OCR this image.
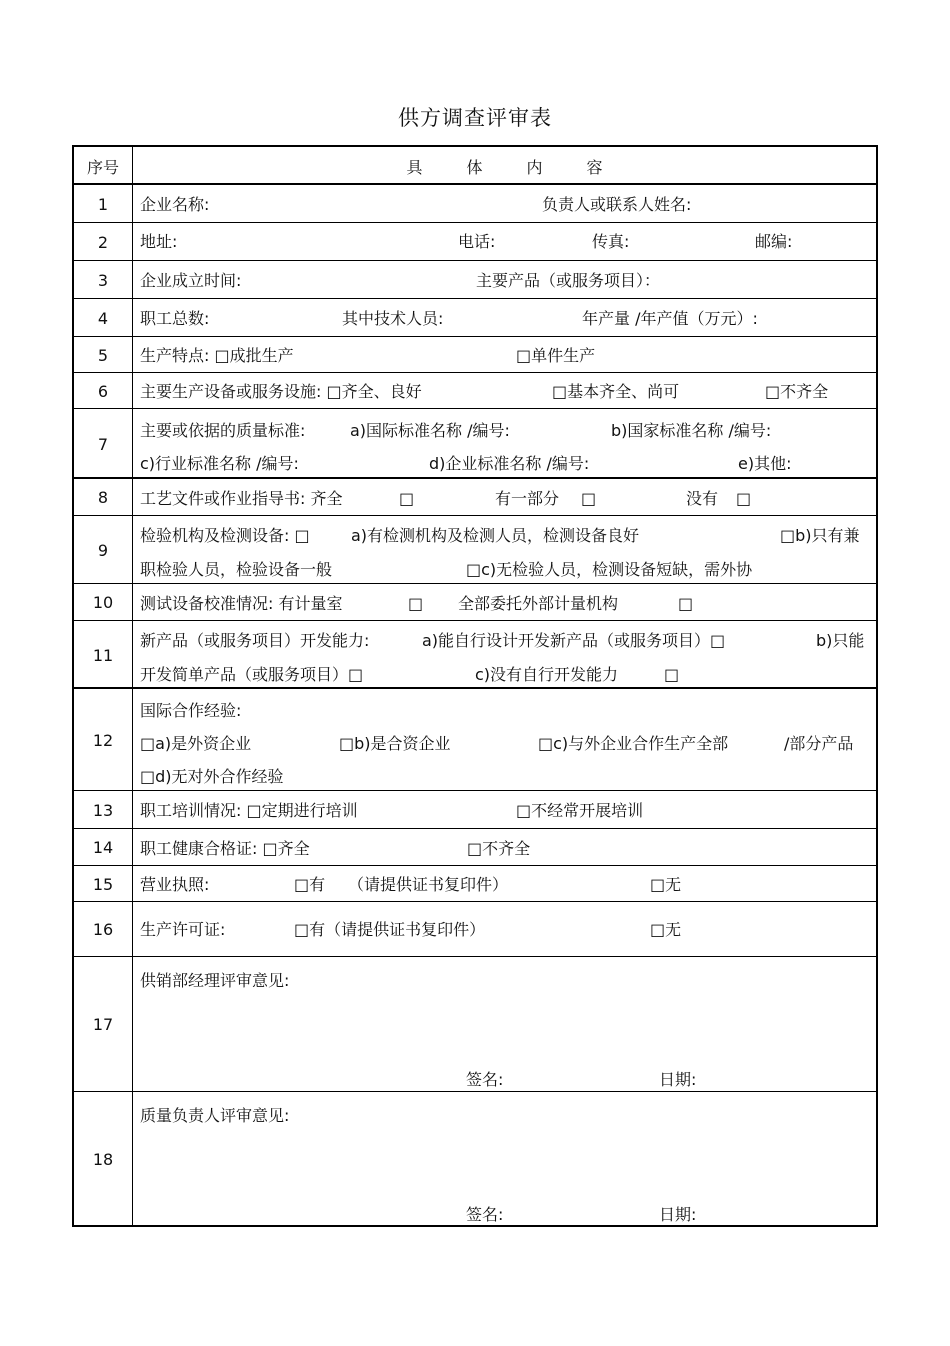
供方调查评审表
序号	具	体	内	容
1	企业名称:	负责人或联系人姓名:
2	地址:	电话:	传真:	邮编:
3	企业成立时间:	主要产品（或服务项目）：
4	职工总数:	其中技术人员:	年产量 /年产值（万元）:
5	生产特点: □成批生产	□单件生产
6	主要生产设备或服务设施: □齐全、良好	□基本齐全、尚可	□不齐全
7
主要或依据的质量标准:	a)国际标准名称 /编号:	b)国家标准名称 /编号:
c)行业标准名称 /编号:	d)企业标准名称 /编号:	e)其他:
8	工艺文件或作业指导书: 齐全	□	有一部分 □	没有 □
9
检验机构及检测设备: □	a)有检测机构及检测人员，检测设备良好	□b)只有兼
职检验人员，检验设备一般	□c)无检验人员，检测设备短缺，需外协
10	测试设备校准情况: 有计量室	□ 全部委托外部计量机构	□
11
新产品（或服务项目）开发能力:	a)能自行设计开发新产品（或服务项目）□	b)只能
开发简单产品（或服务项目）□	c)没有自行开发能力	□
12
国际合作经验:
□a)是外资企业	□b)是合资企业	□c)与外企业合作生产全部	/部分产品
□d)无对外合作经验
13	职工培训情况: □定期进行培训	□不经常开展培训
14	职工健康合格证: □齐全	□不齐全
15	营业执照:	□有 （请提供证书复印件）	□无
16	生产许可证:	□有（请提供证书复印件）	□无
17
供销部经理评审意见:
签名:	日期:
18
质量负责人评审意见:
签名:	日期:
